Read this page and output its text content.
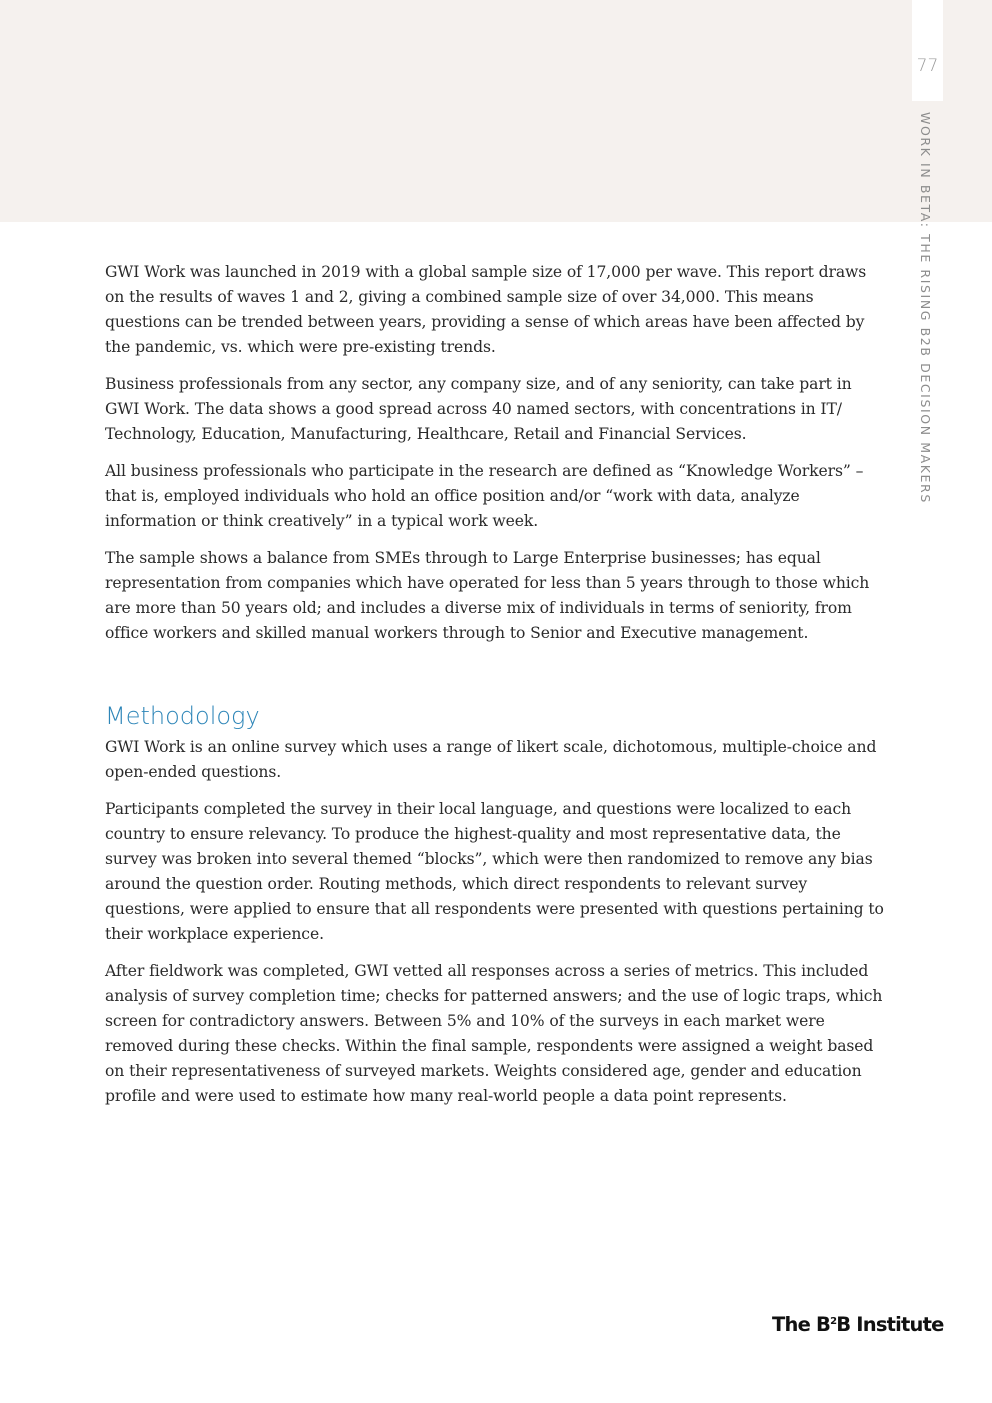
77
WORK IN BETA: THE RISING B2B DECISION MAKERS

GWI Work was launched in 2019 with a global sample size of 17,000 per wave. This report draws on the results of waves 1 and 2, giving a combined sample size of over 34,000. This means questions can be trended between years, providing a sense of which areas have been affected by the pandemic, vs. which were pre-existing trends.

Business professionals from any sector, any company size, and of any seniority, can take part in GWI Work. The data shows a good spread across 40 named sectors, with concentrations in IT/ Technology, Education, Manufacturing, Healthcare, Retail and Financial Services.

All business professionals who participate in the research are defined as “Knowledge Workers” – that is, employed individuals who hold an office position and/or “work with data, analyze information or think creatively” in a typical work week.

The sample shows a balance from SMEs through to Large Enterprise businesses; has equal representation from companies which have operated for less than 5 years through to those which are more than 50 years old; and includes a diverse mix of individuals in terms of seniority, from office workers and skilled manual workers through to Senior and Executive management.

Methodology

GWI Work is an online survey which uses a range of likert scale, dichotomous, multiple-choice and open-ended questions.

Participants completed the survey in their local language, and questions were localized to each country to ensure relevancy. To produce the highest-quality and most representative data, the survey was broken into several themed “blocks”, which were then randomized to remove any bias around the question order. Routing methods, which direct respondents to relevant survey questions, were applied to ensure that all respondents were presented with questions pertaining to their workplace experience.

After fieldwork was completed, GWI vetted all responses across a series of metrics. This included analysis of survey completion time; checks for patterned answers; and the use of logic traps, which screen for contradictory answers. Between 5% and 10% of the surveys in each market were removed during these checks. Within the final sample, respondents were assigned a weight based on their representativeness of surveyed markets. Weights considered age, gender and education profile and were used to estimate how many real-world people a data point represents.

The $B^2B$ Institute
